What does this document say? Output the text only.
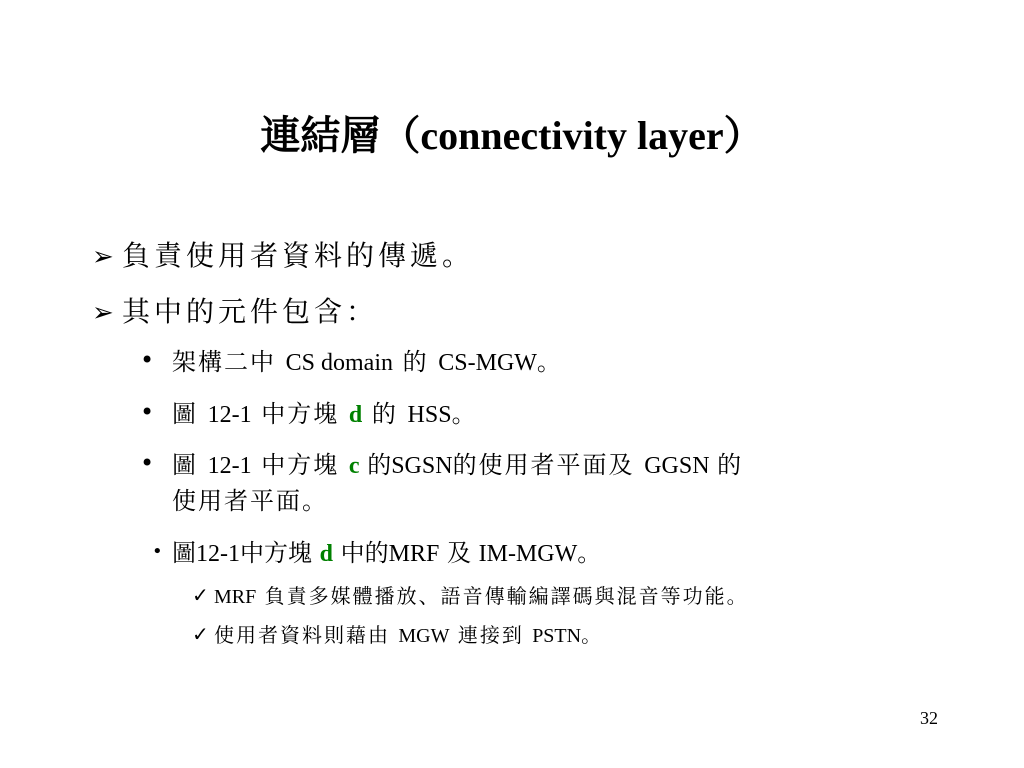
連結層（connectivity layer）
➢ 負責使用者資料的傳遞。
➢ 其中的元件包含：
• 架構二中 CS domain 的 CS-MGW。
• 圖 12-1 中方塊 d 的 HSS。
• 圖 12-1 中方塊 c 的SGSN的使用者平面及 GGSN 的
使用者平面。
• 圖12-1中方塊 d 中的MRF 及 IM-MGW。
✓ MRF 負責多媒體播放、語音傳輸編譯碼與混音等功能。
✓ 使用者資料則藉由 MGW 連接到 PSTN。
32
